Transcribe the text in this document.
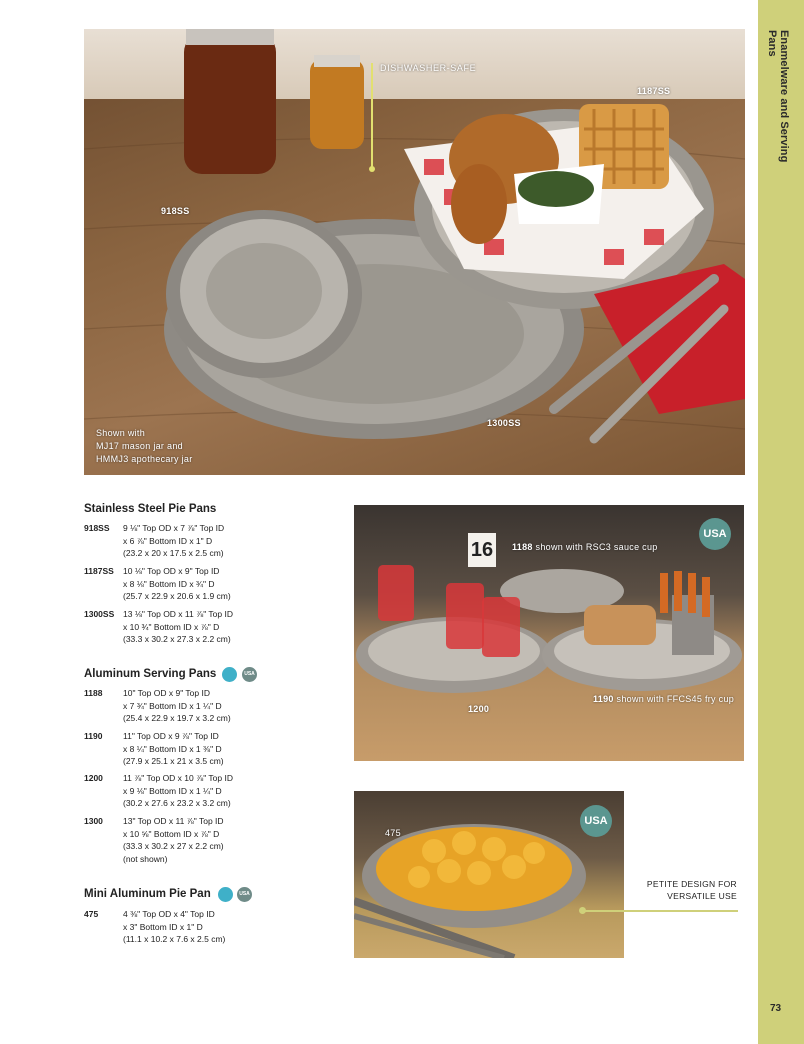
Enamelware and Serving Pans
73
DISHWASHER-SAFE
1187SS
918SS
1300SS
Shown with
MJ17 mason jar and
HMMJ3 apothecary jar
Stainless Steel Pie Pans
918SS 9 ⅛" Top OD x 7 ⅞" Top ID
x 6 ⅞" Bottom ID x 1" D
(23.2 x 20 x 17.5 x 2.5 cm)
1187SS 10 ⅛" Top OD x 9" Top ID
x 8 ⅛" Bottom ID x ¾" D
(25.7 x 22.9 x 20.6 x 1.9 cm)
1300SS 13 ⅛" Top OD x 11 ⅞" Top ID
x 10 ¾" Bottom ID x ⅞" D
(33.3 x 30.2 x 27.3 x 2.2 cm)
Aluminum Serving Pans	USA
1188 10" Top OD x 9" Top ID
x 7 ¾" Bottom ID x 1 ¼" D
(25.4 x 22.9 x 19.7 x 3.2 cm)
1190 11" Top OD x 9 ⅞" Top ID
x 8 ¼" Bottom ID x 1 ⅜" D
(27.9 x 25.1 x 21 x 3.5 cm)
1200 11 ⅞" Top OD x 10 ⅞" Top ID
x 9 ⅛" Bottom ID x 1 ¼" D
(30.2 x 27.6 x 23.2 x 3.2 cm)
1300 13" Top OD x 11 ⅞" Top ID
x 10 ⅝" Bottom ID x ⅞" D
(33.3 x 30.2 x 27 x 2.2 cm)
(not shown)
Mini Aluminum Pie Pan	USA
475	4 ⅜" Top OD x 4" Top ID
x 3" Bottom ID x 1" D
(11.1 x 10.2 x 7.6 x 2.5 cm)
16	1188 shown with RSC3 sauce cup
1190 shown with FFCS45 fry cup
1200
USA
475
USA
PETITE DESIGN FOR
VERSATILE USE
